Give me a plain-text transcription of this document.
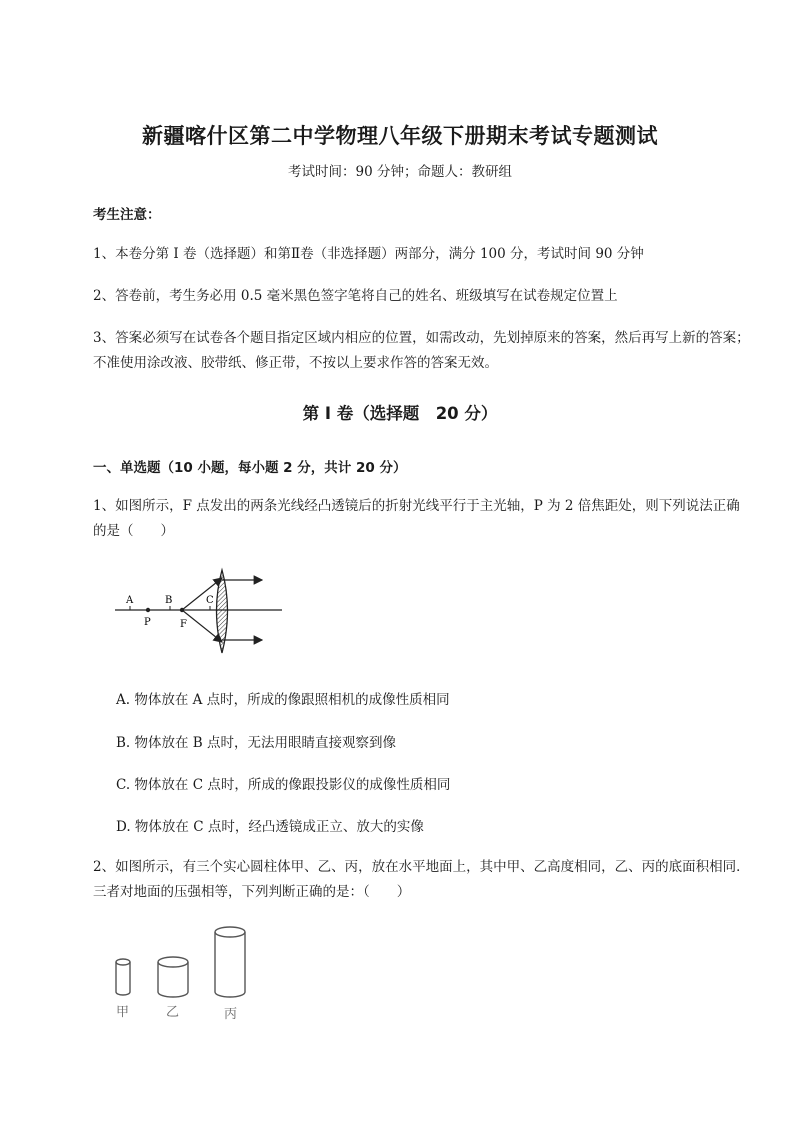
新疆喀什区第二中学物理八年级下册期末考试专题测试
考试时间：90 分钟；命题人：教研组
考生注意：
1、本卷分第 I 卷（选择题）和第Ⅱ卷（非选择题）两部分，满分 100 分，考试时间 90 分钟
2、答卷前，考生务必用 0.5 毫米黑色签字笔将自己的姓名、班级填写在试卷规定位置上
3、答案必须写在试卷各个题目指定区域内相应的位置，如需改动，先划掉原来的答案，然后再写上新的答案；不准使用涂改液、胶带纸、修正带，不按以上要求作答的答案无效。
第 I 卷（选择题　20 分）
一、单选题（10 小题，每小题 2 分，共计 20 分）
1、如图所示，F 点发出的两条光线经凸透镜后的折射光线平行于主光轴，P 为 2 倍焦距处，则下列说法正确的是（　　）
A	B	C
P	F
A. 物体放在 A 点时，所成的像跟照相机的成像性质相同
B. 物体放在 B 点时，无法用眼睛直接观察到像
C. 物体放在 C 点时，所成的像跟投影仪的成像性质相同
D. 物体放在 C 点时，经凸透镜成正立、放大的实像
2、如图所示，有三个实心圆柱体甲、乙、丙，放在水平地面上，其中甲、乙高度相同，乙、丙的底面积相同．三者对地面的压强相等，下列判断正确的是：（　　）
甲	乙	丙
